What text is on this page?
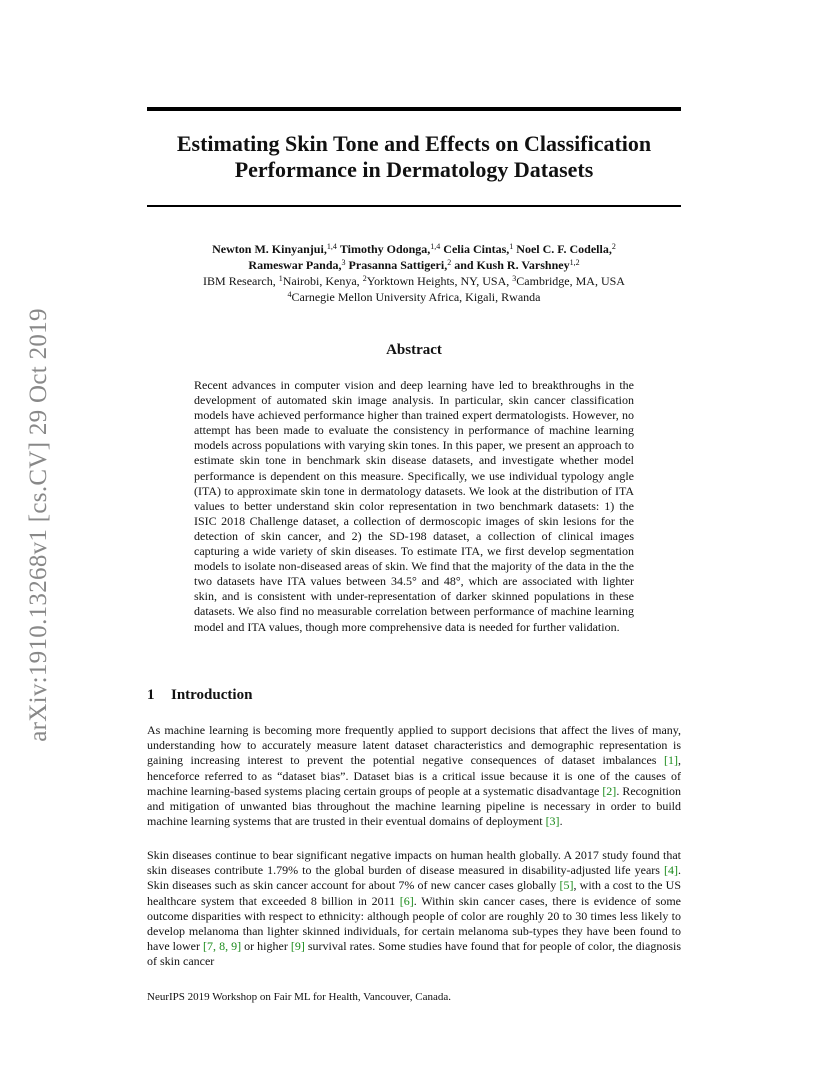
arXiv:1910.13268v1 [cs.CV] 29 Oct 2019
Estimating Skin Tone and Effects on Classification
Performance in Dermatology Datasets
Newton M. Kinyanjui,$^{1,4}$ Timothy Odonga,$^{1,4}$ Celia Cintas,$^1$ Noel C. F. Codella,$^2$
Rameswar Panda,$^3$ Prasanna Sattigeri,$^2$ and Kush R. Varshney$^{1,2}$
IBM Research, $^1$Nairobi, Kenya, $^2$Yorktown Heights, NY, USA, $^3$Cambridge, MA, USA
$^4$Carnegie Mellon University Africa, Kigali, Rwanda
Abstract

Recent advances in computer vision and deep learning have led to breakthroughs in the development of automated skin image analysis. In particular, skin cancer classification models have achieved performance higher than trained expert dermatologists. However, no attempt has been made to evaluate the consistency in performance of machine learning models across populations with varying skin tones. In this paper, we present an approach to estimate skin tone in benchmark skin disease datasets, and investigate whether model performance is dependent on this measure. Specifically, we use individual typology angle (ITA) to approximate skin tone in dermatology datasets. We look at the distribution of ITA values to better understand skin color representation in two benchmark datasets: 1) the ISIC 2018 Challenge dataset, a collection of dermoscopic images of skin lesions for the detection of skin cancer, and 2) the SD-198 dataset, a collection of clinical images capturing a wide variety of skin diseases. To estimate ITA, we first develop segmentation models to isolate non-diseased areas of skin. We find that the majority of the data in the the two datasets have ITA values between 34.5° and 48°, which are associated with lighter skin, and is consistent with under-representation of darker skinned populations in these datasets. We also find no measurable correlation between performance of machine learning model and ITA values, though more comprehensive data is needed for further validation.

1 Introduction

As machine learning is becoming more frequently applied to support decisions that affect the lives of many, understanding how to accurately measure latent dataset characteristics and demographic representation is gaining increasing interest to prevent the potential negative consequences of dataset imbalances [1], henceforce referred to as “dataset bias”. Dataset bias is a critical issue because it is one of the causes of machine learning-based systems placing certain groups of people at a systematic disadvantage [2]. Recognition and mitigation of unwanted bias throughout the machine learning pipeline is necessary in order to build machine learning systems that are trusted in their eventual domains of deployment [3].

Skin diseases continue to bear significant negative impacts on human health globally. A 2017 study found that skin diseases contribute 1.79% to the global burden of disease measured in disability-adjusted life years [4]. Skin diseases such as skin cancer account for about 7% of new cancer cases globally [5], with a cost to the US healthcare system that exceeded 8 billion in 2011 [6]. Within skin cancer cases, there is evidence of some outcome disparities with respect to ethnicity: although people of color are roughly 20 to 30 times less likely to develop melanoma than lighter skinned individuals, for certain melanoma sub-types they have been found to have lower [7, 8, 9] or higher [9] survival rates. Some studies have found that for people of color, the diagnosis of skin cancer

NeurIPS 2019 Workshop on Fair ML for Health, Vancouver, Canada.
